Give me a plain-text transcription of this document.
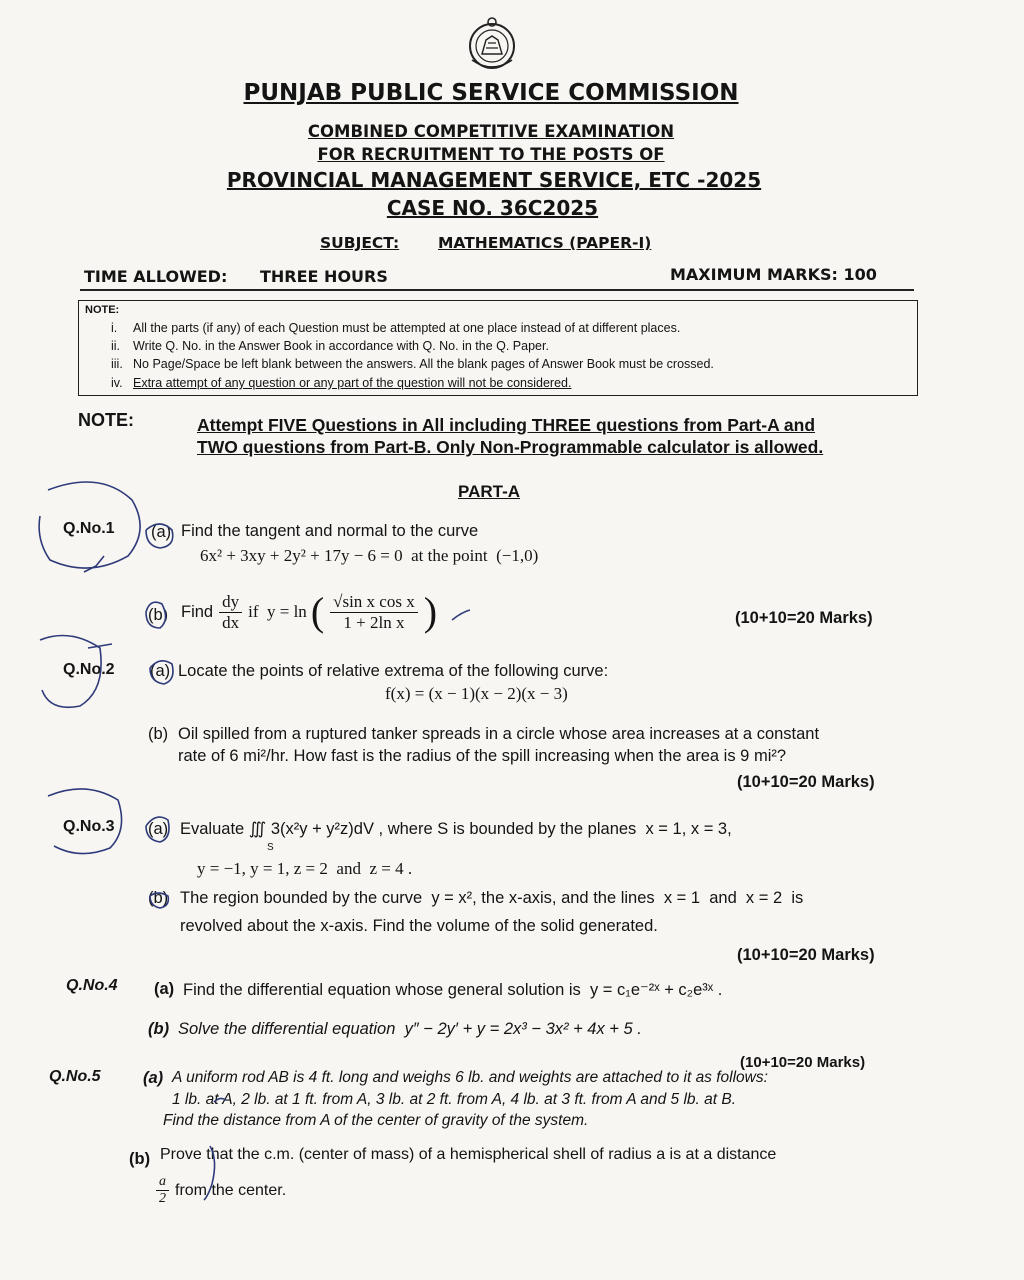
PUNJAB PUBLIC SERVICE COMMISSION
COMBINED COMPETITIVE EXAMINATION
FOR RECRUITMENT TO THE POSTS OF
PROVINCIAL MANAGEMENT SERVICE, ETC -2025
CASE NO. 36C2025
SUBJECT:	MATHEMATICS (PAPER-I)
TIME ALLOWED: THREE HOURS	MAXIMUM MARKS: 100
NOTE:
i. All the parts (if any) of each Question must be attempted at one place instead of at different places.
ii. Write Q. No. in the Answer Book in accordance with Q. No. in the Q. Paper.
iii. No Page/Space be left blank between the answers. All the blank pages of Answer Book must be crossed.
iv. Extra attempt of any question or any part of the question will not be considered.
NOTE:	Attempt FIVE Questions in All including THREE questions from Part-A and
TWO questions from Part-B. Only Non-Programmable calculator is allowed.
PART-A
Q.No.1 (a) Find the tangent and normal to the curve
6x² + 3xy + 2y² + 17y − 6 = 0  at the point  (−1,0)
(b) Find $\frac{dy}{dx}$ if  y = ln ( $\frac{\text{√sin x cos x}}{\text{1 + 2ln x}}$ )	(10+10=20 Marks)
Q.No.2 (a) Locate the points of relative extrema of the following curve:
f(x) = (x − 1)(x − 2)(x − 3)
(b) Oil spilled from a ruptured tanker spreads in a circle whose area increases at a constant
rate of 6 mi²/hr. How fast is the radius of the spill increasing when the area is 9 mi²?
(10+10=20 Marks)
Q.No.3 (a) Evaluate ∭ 3(x²y + y²z)dV , where S is bounded by the planes  x = 1, x = 3,
S
y = −1, y = 1, z = 2  and  z = 4 .
(b) The region bounded by the curve  y = x², the x-axis, and the lines  x = 1  and  x = 2  is
revolved about the x-axis. Find the volume of the solid generated.
(10+10=20 Marks)
Q.No.4 (a) Find the differential equation whose general solution is  y = c₁e⁻²ˣ + c₂e³ˣ .
(b) Solve the differential equation  y″ − 2y′ + y = 2x³ − 3x² + 4x + 5 .
(10+10=20 Marks)
Q.No.5	(a) A uniform rod AB is 4 ft. long and weighs 6 lb. and weights are attached to it as follows:
1 lb. at A, 2 lb. at 1 ft. from A, 3 lb. at 2 ft. from A, 4 lb. at 3 ft. from A and 5 lb. at B.
Find the distance from A of the center of gravity of the system.
(b) Prove that the c.m. (center of mass) of a hemispherical shell of radius a is at a distance
$\frac{a}{2}$ from the center.
